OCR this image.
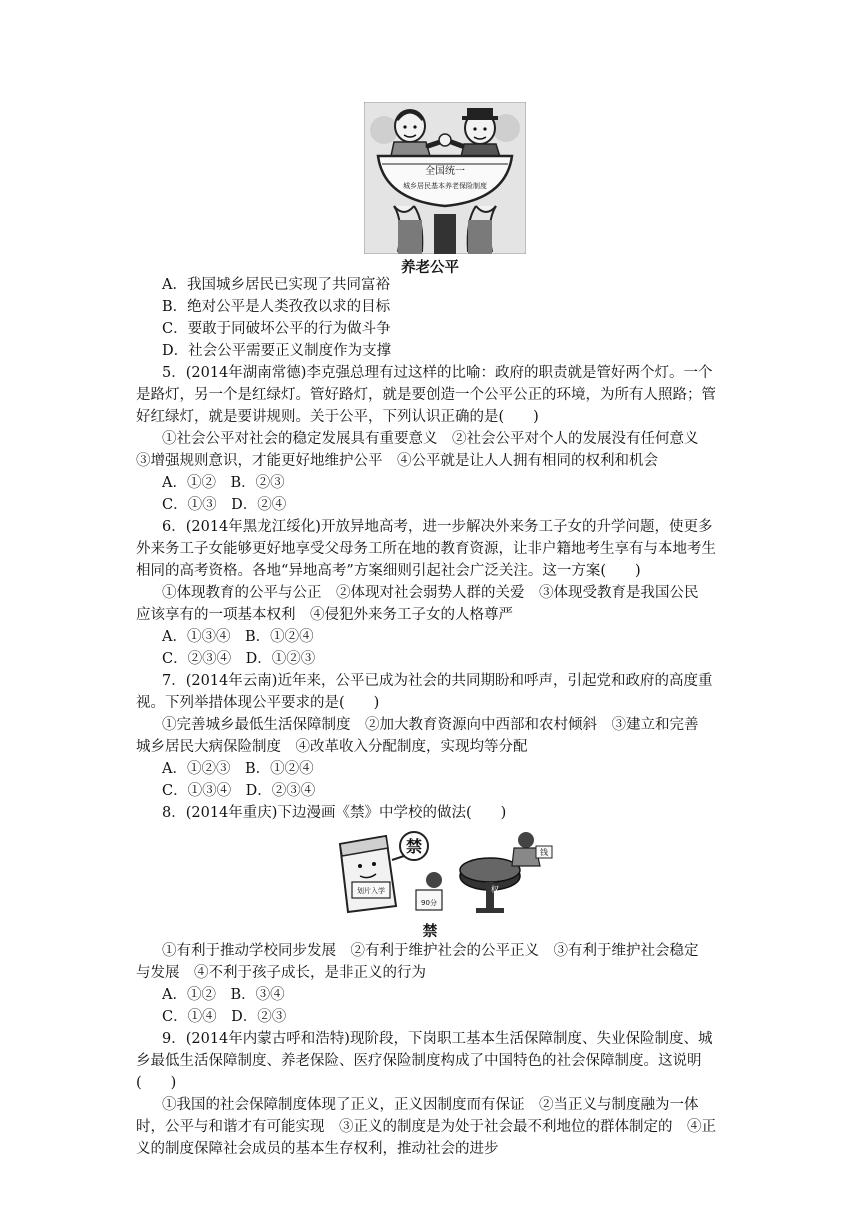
全国统一
城乡居民基本养老保险制度
养老公平
A．我国城乡居民已实现了共同富裕
B．绝对公平是人类孜孜以求的目标
C．要敢于同破坏公平的行为做斗争
D．社会公平需要正义制度作为支撑
5．(2014年湖南常德)李克强总理有过这样的比喻：政府的职责就是管好两个灯。一个
是路灯，另一个是红绿灯。管好路灯，就是要创造一个公平公正的环境，为所有人照路；管
好红绿灯，就是要讲规则。关于公平，下列认识正确的是(　　)
①社会公平对社会的稳定发展具有重要意义　②社会公平对个人的发展没有任何意义
③增强规则意识，才能更好地维护公平　④公平就是让人人拥有相同的权利和机会
A．①②　B．②③
C．①③　D．②④
6．(2014年黑龙江绥化)开放异地高考，进一步解决外来务工子女的升学问题，使更多
外来务工子女能够更好地享受父母务工所在地的教育资源，让非户籍地考生享有与本地考生
相同的高考资格。各地“异地高考”方案细则引起社会广泛关注。这一方案(　　)
①体现教育的公平与公正　②体现对社会弱势人群的关爱　③体现受教育是我国公民
应该享有的一项基本权利　④侵犯外来务工子女的人格尊严
A．①③④　B．①②④
C．②③④　D．①②③
7．(2014年云南)近年来，公平已成为社会的共同期盼和呼声，引起党和政府的高度重
视。下列举措体现公平要求的是(　　)
①完善城乡最低生活保障制度　②加大教育资源向中西部和农村倾斜　③建立和完善
城乡居民大病保险制度　④改革收入分配制度，实现均等分配
A．①②③　B．①②④
C．①③④　D．②③④
8．(2014年重庆)下边漫画《禁》中学校的做法(　　)
划片入学
禁
90分
权
钱
禁
①有利于推动学校同步发展　②有利于维护社会的公平正义　③有利于维护社会稳定
与发展　④不利于孩子成长，是非正义的行为
A．①②　B．③④
C．①④　D．②③
9．(2014年内蒙古呼和浩特)现阶段，下岗职工基本生活保障制度、失业保险制度、城
乡最低生活保障制度、养老保险、医疗保险制度构成了中国特色的社会保障制度。这说明
(　　)
①我国的社会保障制度体现了正义，正义因制度而有保证　②当正义与制度融为一体
时，公平与和谐才有可能实现　③正义的制度是为处于社会最不利地位的群体制定的　④正
义的制度保障社会成员的基本生存权利，推动社会的进步
